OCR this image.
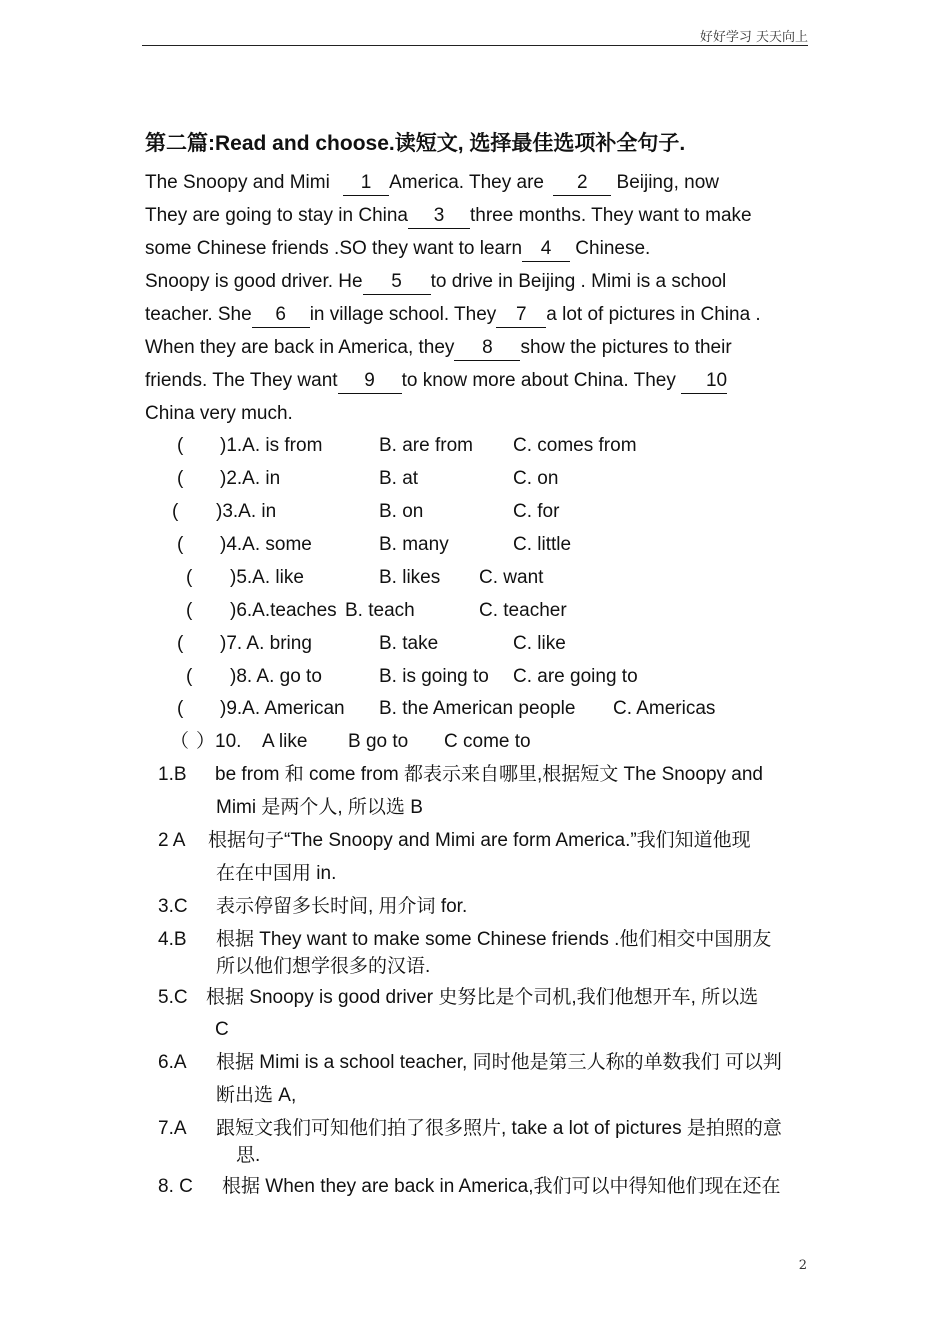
好好学习 天天向上
第二篇:Read and choose.读短文, 选择最佳选项补全句子.
The Snoopy and Mimi 1 America. They are 2 Beijing, now
They are going to stay in China 3 three months. They want to make
some Chinese friends .SO they want to learn 4 Chinese.
Snoopy is good driver. He 5 to drive in Beijing . Mimi is a school
teacher. She 6 in village school. They 7 a lot of pictures in China .
When they are back in America, they 8 show the pictures to their
friends. The They want 9 to know more about China. They 10
China very much.
( )1.A. is from	B. are from C. comes from
( )2.A. in	B. at	C. on
( )3.A. in	B. on	C. for
( )4.A. some	B. many	C. little
( )5.A. like	B. likes C. want
( )6.A.teaches B. teach	C. teacher
( )7. A. bring	B. take	C. like
( )8. A. go to	B. is going to C. are going to
( )9.A. American B. the American people C. Americas
（ ）10. A like B go to C come to
1.B be from 和 come from 都表示来自哪里,根据短文 The Snoopy and
Mimi 是两个人, 所以选 B
2 A 根据句子“The Snoopy and Mimi are form America.”我们知道他现
在在中国用 in.
3.C 表示停留多长时间, 用介词 for.
4.B 根据 They want to make some Chinese friends .他们相交中国朋友
所以他们想学很多的汉语.
5.C 根据 Snoopy is good driver 史努比是个司机,我们他想开车, 所以选
C
6.A 根据 Mimi is a school teacher, 同时他是第三人称的单数我们 可以判
断出选 A,
7.A 跟短文我们可知他们拍了很多照片, take a lot of pictures 是拍照的意
思.
8. C 根据 When they are back in America,我们可以中得知他们现在还在
2
